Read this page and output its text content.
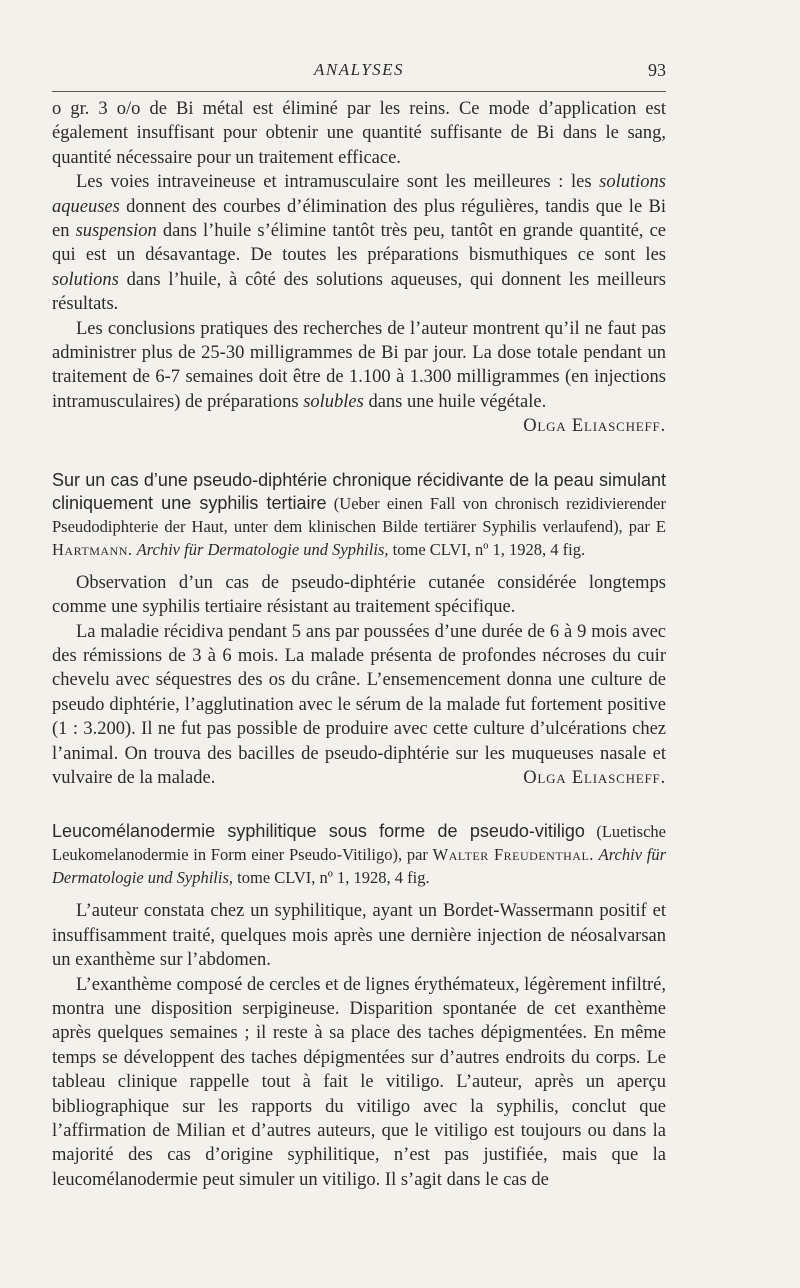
ANALYSES	93

o gr. 3 o/o de Bi métal est éliminé par les reins. Ce mode d’application est également insuffisant pour obtenir une quantité suffisante de Bi dans le sang, quantité nécessaire pour un traitement efficace.

Les voies intraveineuse et intramusculaire sont les meilleures : les solutions aqueuses donnent des courbes d’élimination des plus régulières, tandis que le Bi en suspension dans l’huile s’élimine tantôt très peu, tantôt en grande quantité, ce qui est un désavantage. De toutes les préparations bismuthiques ce sont les solutions dans l’huile, à côté des solutions aqueuses, qui donnent les meilleurs résultats.

Les conclusions pratiques des recherches de l’auteur montrent qu’il ne faut pas administrer plus de 25-30 milligrammes de Bi par jour. La dose totale pendant un traitement de 6-7 semaines doit être de 1.100 à 1.300 milligrammes (en injections intramusculaires) de préparations solubles dans une huile végétale.
Olga Eliascheff.

Sur un cas d’une pseudo-diphtérie chronique récidivante de la peau simulant cliniquement une syphilis tertiaire (Ueber einen Fall von chronisch rezidivierender Pseudodiphterie der Haut, unter dem klinischen Bilde tertiärer Syphilis verlaufend), par E Hartmann. Archiv für Dermatologie und Syphilis, tome CLVI, nº 1, 1928, 4 fig.

Observation d’un cas de pseudo-diphtérie cutanée considérée longtemps comme une syphilis tertiaire résistant au traitement spécifique.

La maladie récidiva pendant 5 ans par poussées d’une durée de 6 à 9 mois avec des rémissions de 3 à 6 mois. La malade présenta de profondes nécroses du cuir chevelu avec séquestres des os du crâne. L’ensemencement donna une culture de pseudo diphtérie, l’agglutination avec le sérum de la malade fut fortement positive (1 : 3.200). Il ne fut pas possible de produire avec cette culture d’ulcérations chez l’animal. On trouva des bacilles de pseudo-diphtérie sur les muqueuses nasale et vulvaire de la malade.	Olga Eliascheff.

Leucomélanodermie syphilitique sous forme de pseudo-vitiligo (Luetische Leukomelanodermie in Form einer Pseudo-Vitiligo), par Walter Freudenthal. Archiv für Dermatologie und Syphilis, tome CLVI, nº 1, 1928, 4 fig.

L’auteur constata chez un syphilitique, ayant un Bordet-Wassermann positif et insuffisamment traité, quelques mois après une dernière injection de néosalvarsan un exanthème sur l’abdomen.

L’exanthème composé de cercles et de lignes érythémateux, légèrement infiltré, montra une disposition serpigineuse. Disparition spontanée de cet exanthème après quelques semaines ; il reste à sa place des taches dépigmentées. En même temps se développent des taches dépigmentées sur d’autres endroits du corps. Le tableau clinique rappelle tout à fait le vitiligo. L’auteur, après un aperçu bibliographique sur les rapports du vitiligo avec la syphilis, conclut que l’affirmation de Milian et d’autres auteurs, que le vitiligo est toujours ou dans la majorité des cas d’origine syphilitique, n’est pas justifiée, mais que la leucomélanodermie peut simuler un vitiligo. Il s’agit dans le cas de
